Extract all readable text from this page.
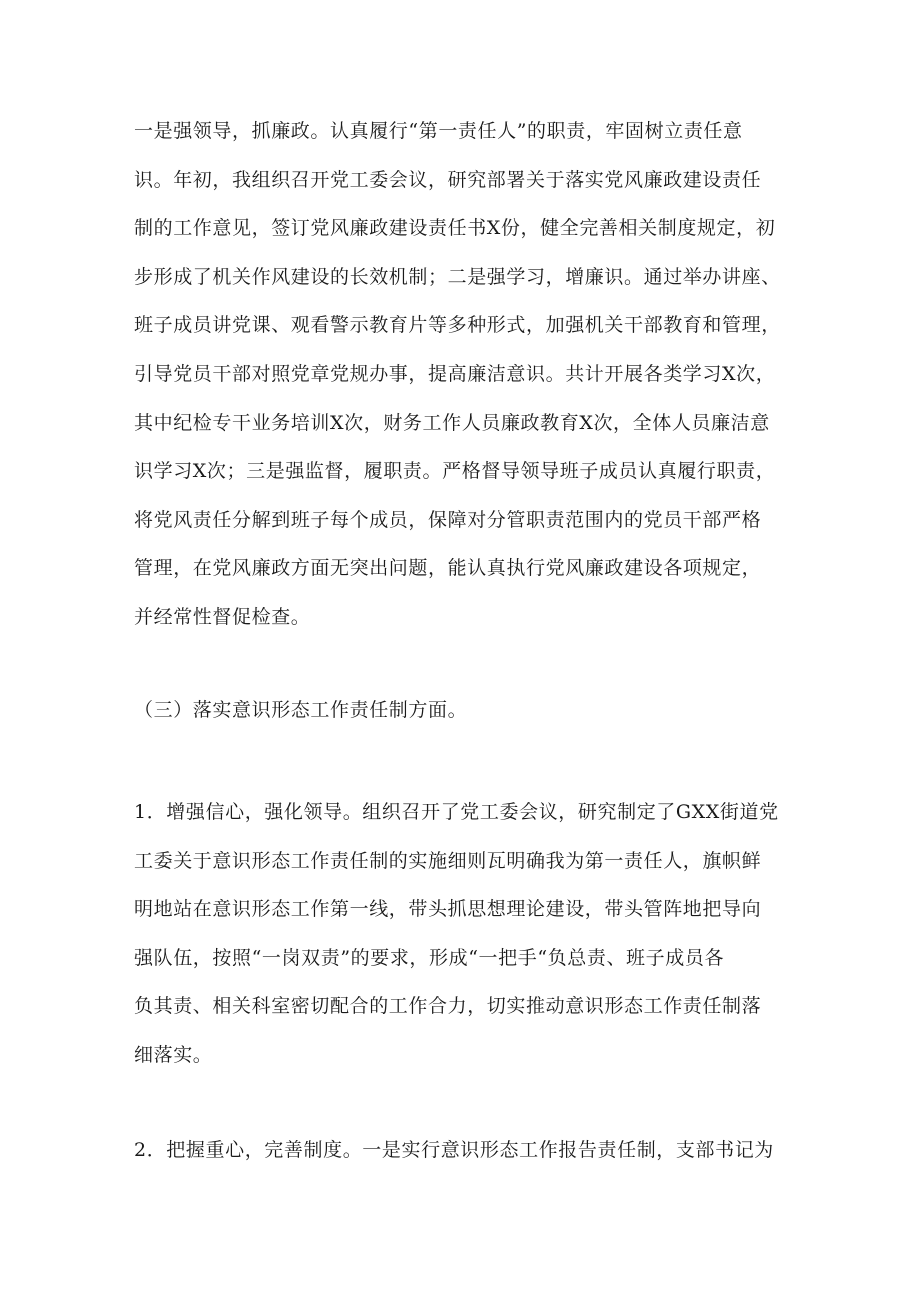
一是强领导，抓廉政。认真履行“第一责任人”的职责，牢固树立责任意
识。年初，我组织召开党工委会议，研究部署关于落实党风廉政建设责任
制的工作意见，签订党风廉政建设责任书X份，健全完善相关制度规定，初
步形成了机关作风建设的长效机制；二是强学习，增廉识。通过举办讲座、
班子成员讲党课、观看警示教育片等多种形式，加强机关干部教育和管理，
引导党员干部对照党章党规办事，提高廉洁意识。共计开展各类学习X次，
其中纪检专干业务培训X次，财务工作人员廉政教育X次，全体人员廉洁意
识学习X次；三是强监督，履职责。严格督导领导班子成员认真履行职责，
将党风责任分解到班子每个成员，保障对分管职责范围内的党员干部严格
管理，在党风廉政方面无突出问题，能认真执行党风廉政建设各项规定，
并经常性督促检查。

（三）落实意识形态工作责任制方面。

1．增强信心，强化领导。组织召开了党工委会议，研究制定了GXX街道党
工委关于意识形态工作责任制的实施细则瓦明确我为第一责任人，旗帜鲜
明地站在意识形态工作第一线，带头抓思想理论建设，带头管阵地把导向
强队伍，按照“一岗双责”的要求，形成“一把手“负总责、班子成员各
负其责、相关科室密切配合的工作合力，切实推动意识形态工作责任制落
细落实。

2．把握重心，完善制度。一是实行意识形态工作报告责任制，支部书记为
